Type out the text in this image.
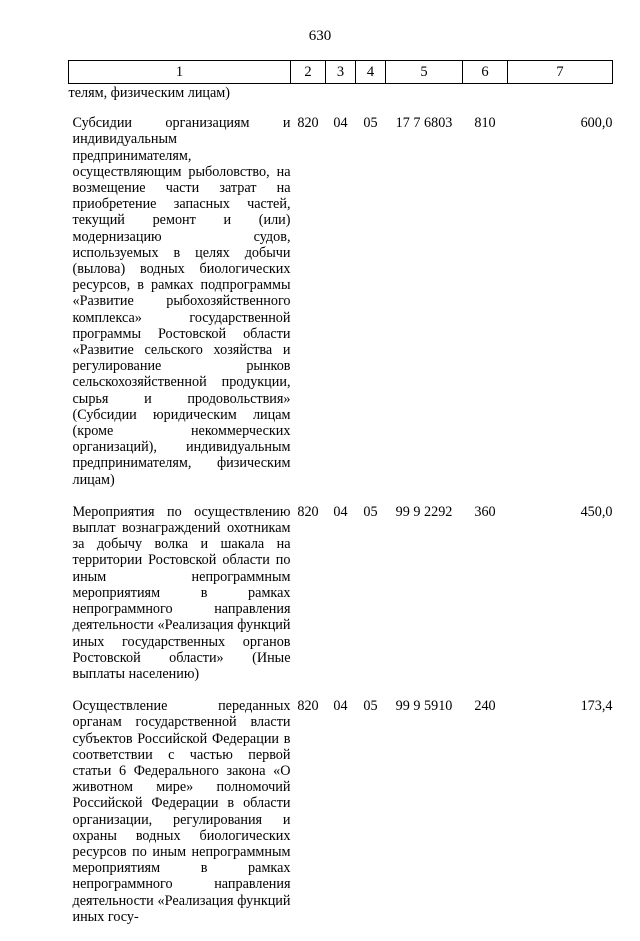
630
1	2	3	4	5	6	7
телям, физическим лицам)						
Субсидии организациям и индивидуальным предпринимателям, осуществляющим рыболовство, на возмещение части затрат на приобретение запасных частей, текущий ремонт и (или) модернизацию судов, используемых в целях добычи (вылова) водных биологических ресурсов, в рамках подпрограммы «Развитие рыбохозяйственного комплекса» государственной программы Ростовской области «Развитие сельского хозяйства и регулирование рынков сельскохозяйственной продукции, сырья и продовольствия» (Субсидии юридическим лицам (кроме некоммерческих организаций), индивидуальным предпринимателям, физическим лицам)	820	04	05	17 7 6803	810	600,0
Мероприятия по осуществлению выплат вознаграждений охотникам за добычу волка и шакала на территории Ростовской области по иным непрограммным мероприятиям в рамках непрограммного направления деятельности «Реализация функций иных государственных органов Ростовской области» (Иные выплаты населению)	820	04	05	99 9 2292	360	450,0
Осуществление переданных органам государственной власти субъектов Российской Федерации в соответствии с частью первой статьи 6 Федерального закона «О животном мире» полномочий Российской Федерации в области организации, регулирования и охраны водных биологических ресурсов по иным непрограммным мероприятиям в рамках непрограммного направления деятельности «Реализация функций иных госу-	820	04	05	99 9 5910	240	173,4
